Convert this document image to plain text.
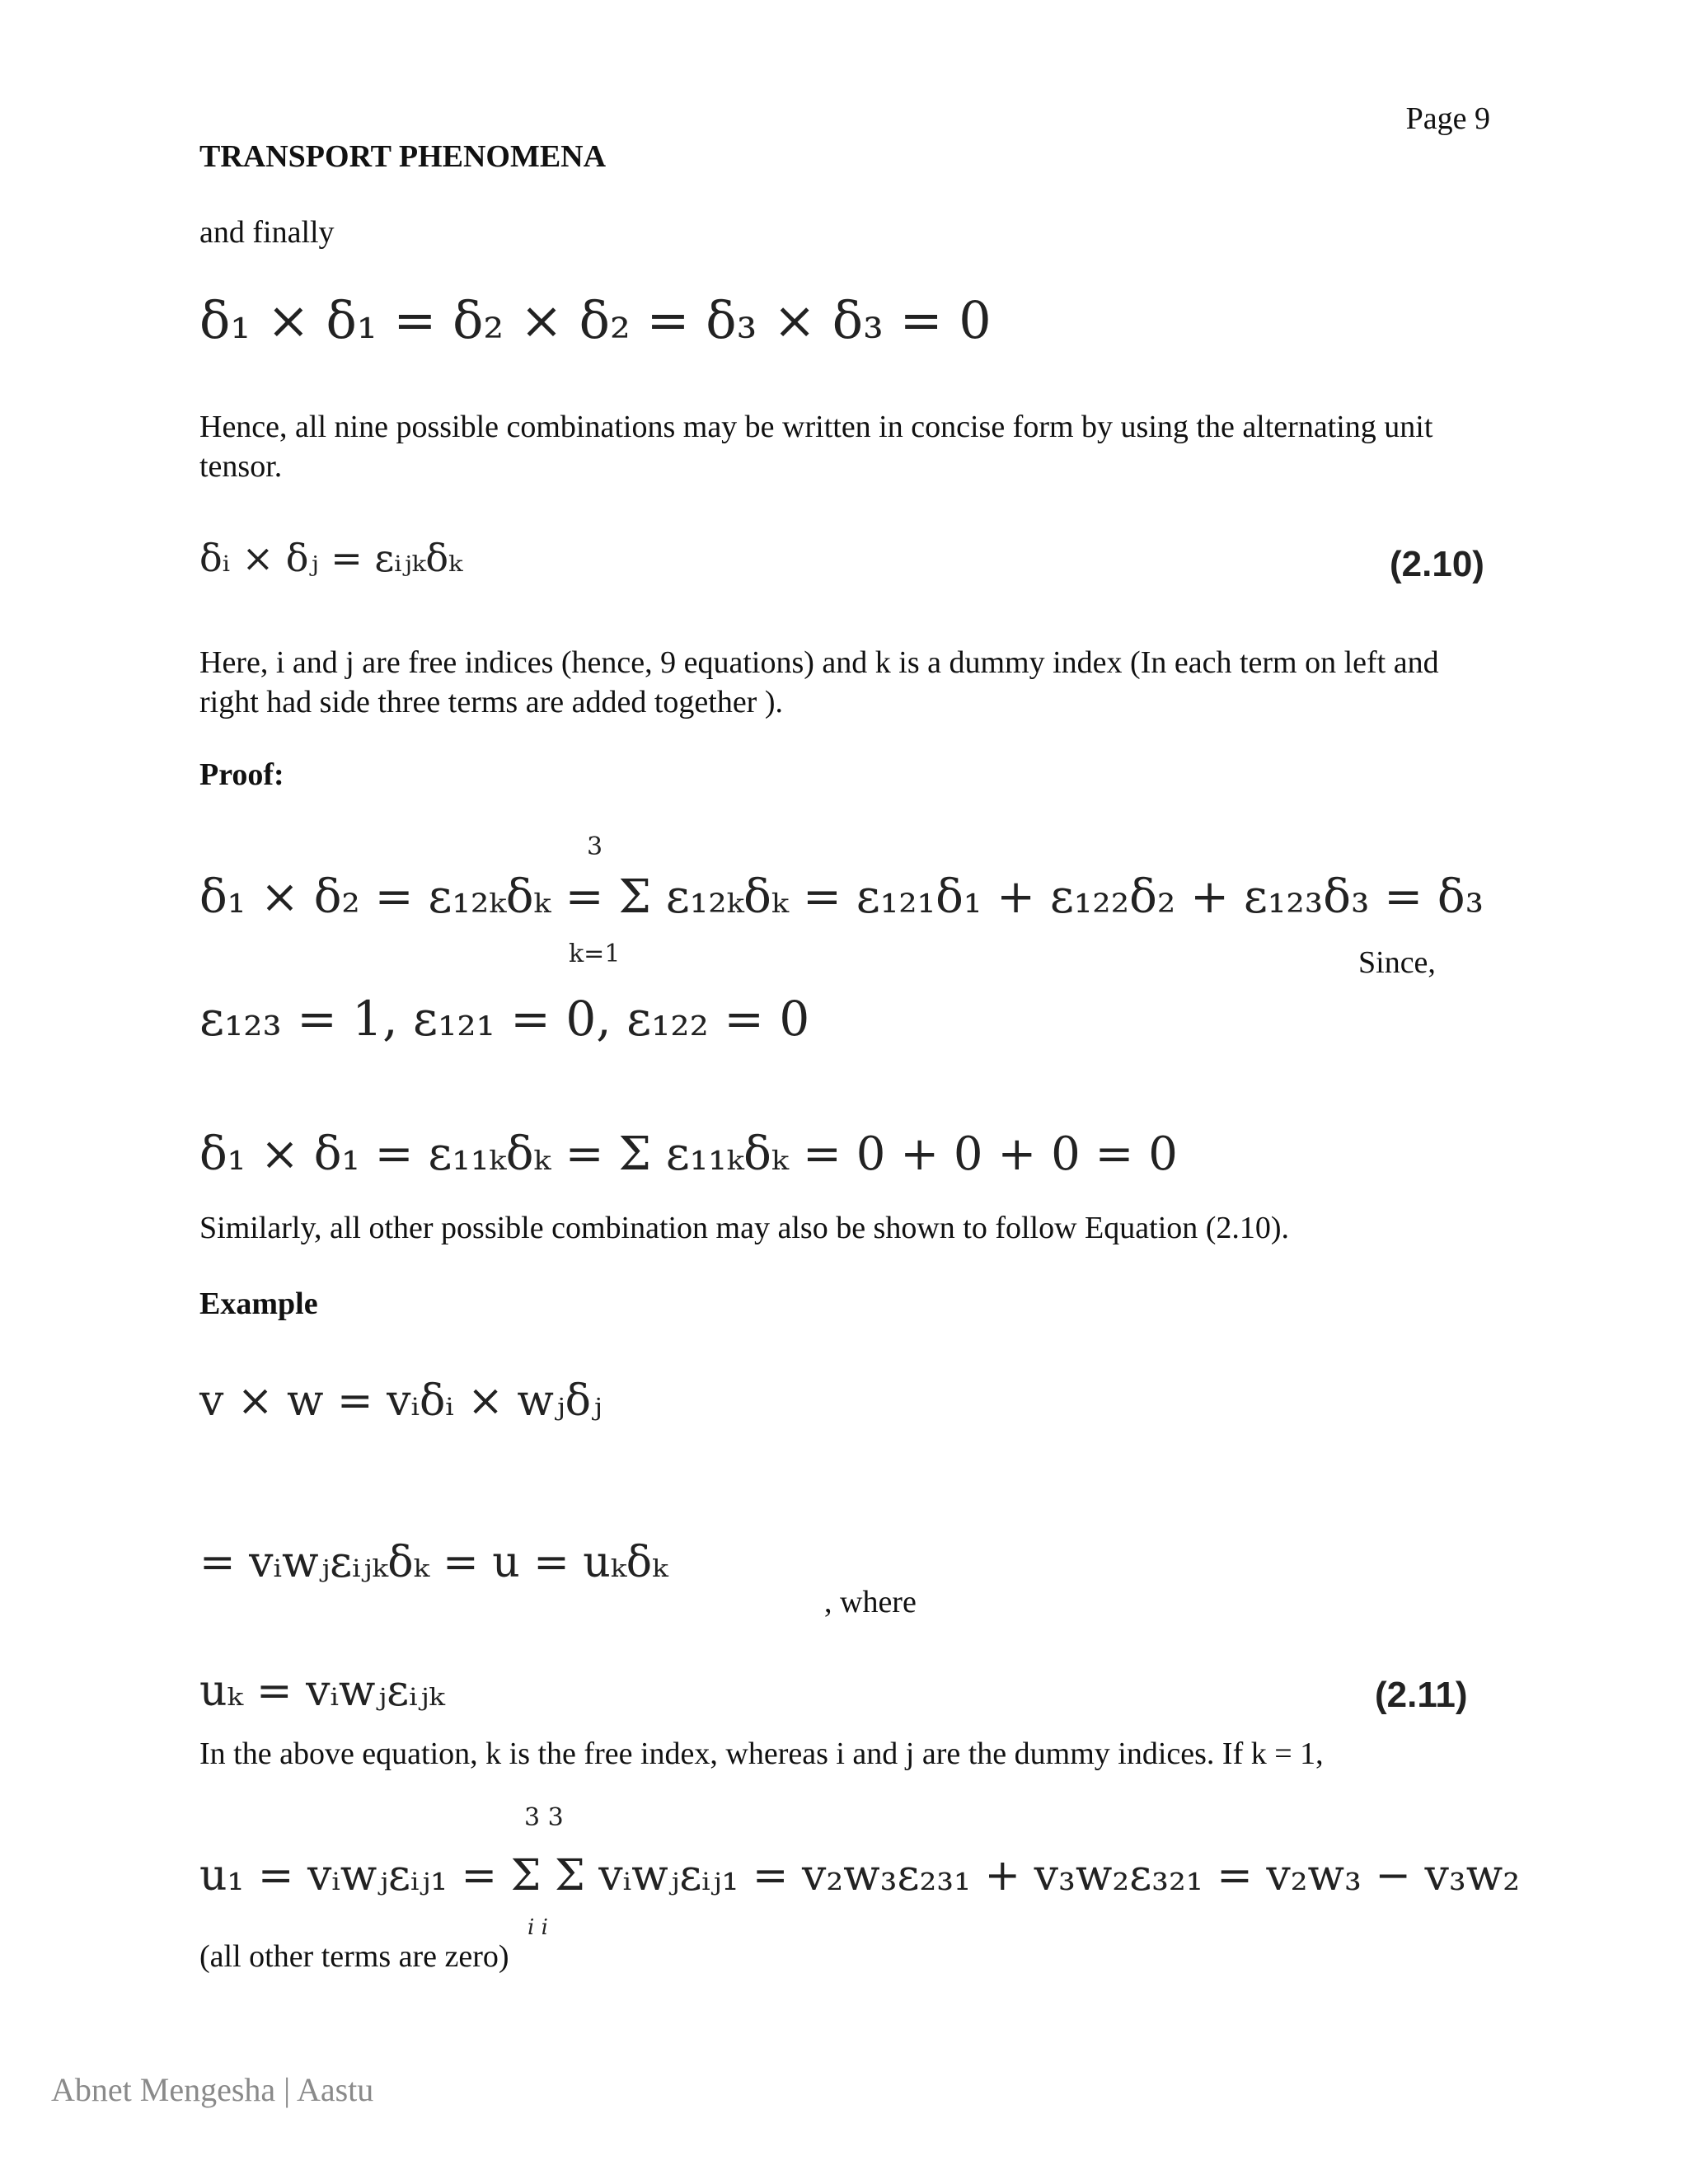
Page 9
TRANSPORT PHENOMENA
and finally
δ₁ × δ₁ = δ₂ × δ₂ = δ₃ × δ₃ = 0
Hence, all nine possible combinations may be written in concise form by using the alternating unit tensor.
δᵢ × δⱼ = εᵢⱼₖδₖ	(2.10)
Here, i and j are free indices (hence, 9 equations) and k is a dummy index (In each term on left and right had side three terms are added together ).
Proof:
3
δ₁ × δ₂ = ε₁₂ₖδₖ = Σ ε₁₂ₖδₖ = ε₁₂₁δ₁ + ε₁₂₂δ₂ + ε₁₂₃δ₃ = δ₃
k=1	Since,
ε₁₂₃ = 1, ε₁₂₁ = 0, ε₁₂₂ = 0
δ₁ × δ₁ = ε₁₁ₖδₖ = Σ ε₁₁ₖδₖ = 0 + 0 + 0 = 0
Similarly, all other possible combination may also be shown to follow Equation (2.10).
Example
v × w = vᵢδᵢ × wⱼδⱼ
= vᵢwⱼεᵢⱼₖδₖ = u = uₖδₖ
, where
uₖ = vᵢwⱼεᵢⱼₖ	(2.11)
In the above equation, k is the free index, whereas i and j are the dummy indices. If k = 1,
3 3
u₁ = vᵢwⱼεᵢⱼ₁ = Σ Σ vᵢwⱼεᵢⱼ₁ = v₂w₃ε₂₃₁ + v₃w₂ε₃₂₁ = v₂w₃ − v₃w₂
i i
(all other terms are zero)
Abnet Mengesha | Aastu
